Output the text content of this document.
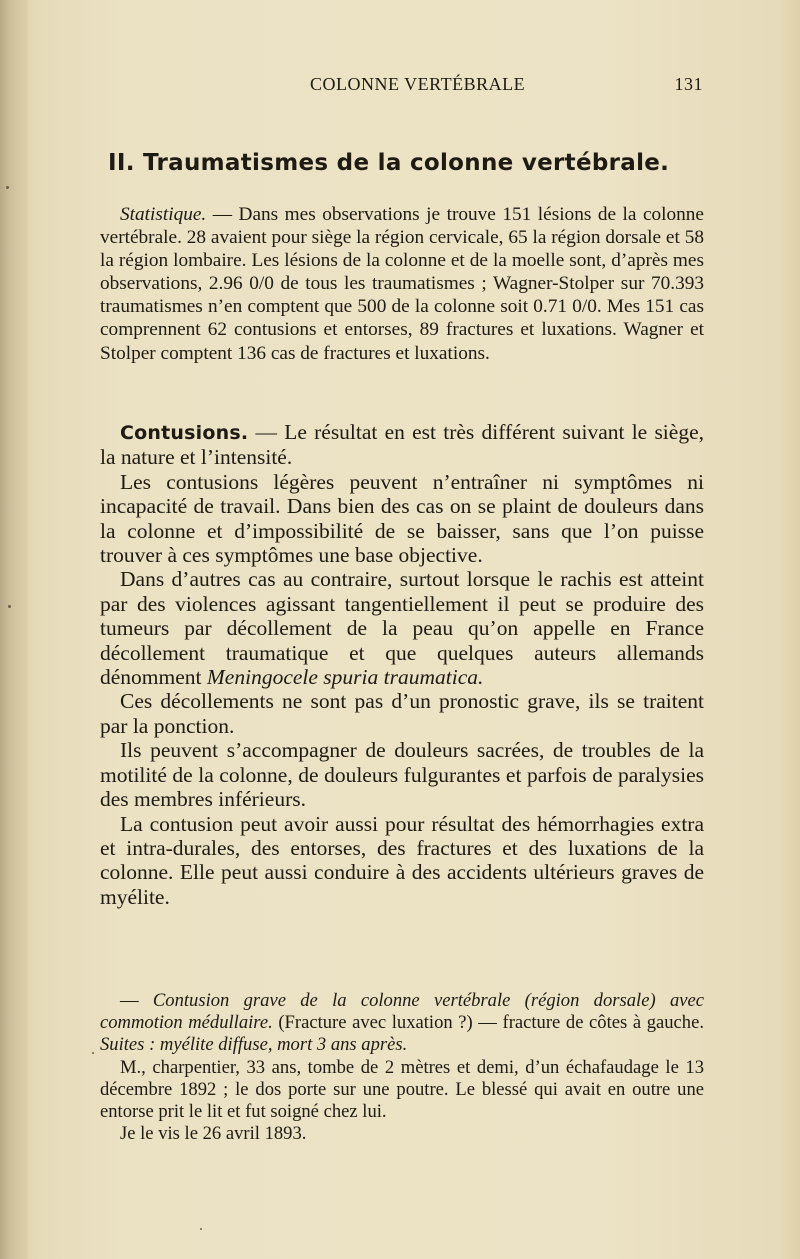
COLONNE VERTÉBRALE	131
II. Traumatismes de la colonne vertébrale.

Statistique. — Dans mes observations je trouve 151 lésions de la colonne vertébrale. 28 avaient pour siège la région cervicale, 65 la région dorsale et 58 la région lombaire. Les lésions de la colonne et de la moelle sont, d’après mes observations, 2.96 0/0 de tous les traumatismes ; Wagner-Stolper sur 70.393 traumatismes n’en comptent que 500 de la colonne soit 0.71 0/0. Mes 151 cas comprennent 62 contusions et entorses, 89 fractures et luxations. Wagner et Stolper comptent 136 cas de fractures et luxations.

Contusions. — Le résultat en est très différent suivant le siège, la nature et l’intensité.

Les contusions légères peuvent n’entraîner ni symptômes ni incapacité de travail. Dans bien des cas on se plaint de douleurs dans la colonne et d’impossibilité de se baisser, sans que l’on puisse trouver à ces symptômes une base objective.

Dans d’autres cas au contraire, surtout lorsque le rachis est atteint par des violences agissant tangentiellement il peut se produire des tumeurs par décollement de la peau qu’on appelle en France décollement traumatique et que quelques auteurs allemands dénomment Meningocele spuria traumatica.

Ces décollements ne sont pas d’un pronostic grave, ils se traitent par la ponction.

Ils peuvent s’accompagner de douleurs sacrées, de troubles de la motilité de la colonne, de douleurs fulgurantes et parfois de paralysies des membres inférieurs.

La contusion peut avoir aussi pour résultat des hémorrhagies extra et intra-durales, des entorses, des fractures et des luxations de la colonne. Elle peut aussi conduire à des accidents ultérieurs graves de myélite.

— Contusion grave de la colonne vertébrale (région dorsale) avec commotion médullaire. (Fracture avec luxation ?) — fracture de côtes à gauche. Suites : myélite diffuse, mort 3 ans après.

M., charpentier, 33 ans, tombe de 2 mètres et demi, d’un échafaudage le 13 décembre 1892 ; le dos porte sur une poutre. Le blessé qui avait en outre une entorse prit le lit et fut soigné chez lui.

Je le vis le 26 avril 1893.
